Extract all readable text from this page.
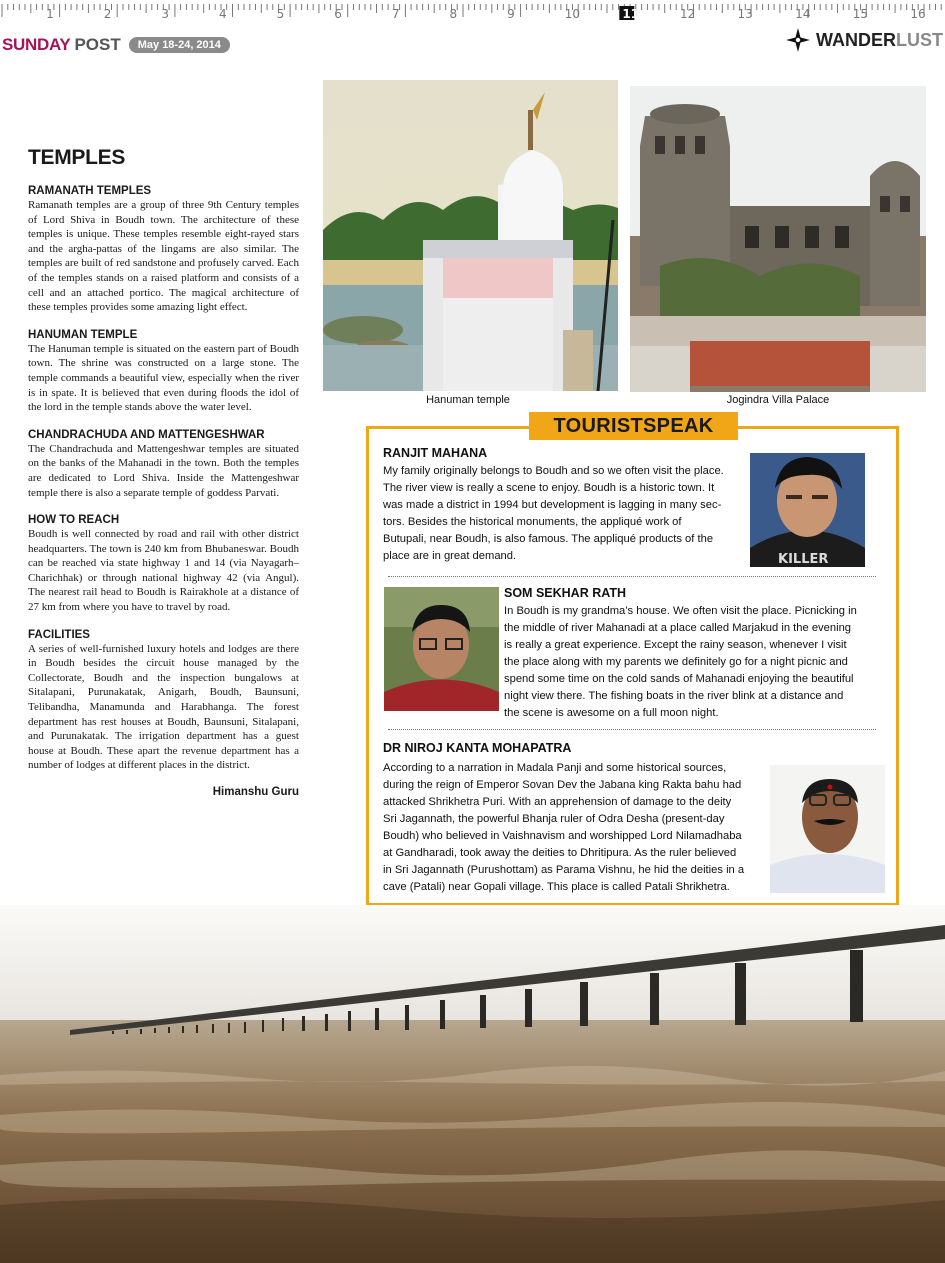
1	2	3	4	5	6	7	8	9	10	11	12	13	14	15	16
SUNDAY POST	May 18-24, 2014	WANDERLUST
TEMPLES
RAMANATH TEMPLES

Ramanath temples are a group of three 9th Century temples of Lord Shiva in Boudh town. The architecture of these temples is unique. These temples resemble eight-rayed stars and the argha-pattas of the lingams are also similar. The temples are built of red sandstone and profusely carved. Each of the temples stands on a raised platform and consists of a cell and an attached portico. The magical architecture of these temples provides some amazing light effect.

HANUMAN TEMPLE

The Hanuman temple is situated on the eastern part of Boudh town. The shrine was constructed on a large stone. The temple commands a beautiful view, especially when the river is in spate. It is believed that even during floods the idol of the lord in the temple stands above the water level.

CHANDRACHUDA AND MATTENGESHWAR

The Chandrachuda and Mattengeshwar temples are situated on the banks of the Mahanadi in the town. Both the temples are dedicated to Lord Shiva. Inside the Mattengeshwar temple there is also a separate temple of goddess Parvati.

HOW TO REACH

Boudh is well connected by road and rail with other district headquarters. The town is 240 km from Bhubaneswar. Boudh can be reached via state highway 1 and 14 (via Nayagarh–Charichhak) or through national highway 42 (via Angul). The nearest rail head to Boudh is Rairakhole at a distance of 27 km from where you have to travel by road.

FACILITIES

A series of well-furnished luxury hotels and lodges are there in Boudh besides the circuit house managed by the Collectorate, Boudh and the inspection bungalows at Sitalapani, Purunakatak, Anigarh, Boudh, Baunsuni, Telibandha, Manamunda and Harabhanga. The forest department has rest houses at Boudh, Baunsuni, Sitalapani, and Purunakatak. The irrigation department has a guest house at Boudh. These apart the revenue department has a number of lodges at different places in the district.

Himanshu Guru
Hanuman temple	Jogindra Villa Palace
TOURISTSPEAK
RANJIT MAHANA
My family originally belongs to Boudh and so we often visit the place.
The river view is really a scene to enjoy. Boudh is a historic town. It
was made a district in 1994 but development is lagging in many sec-
tors. Besides the historical monuments, the appliqué work of
Butupali, near Boudh, is also famous. The appliqué products of the
place are in great demand.	KILLER
SOM SEKHAR RATH
In Boudh is my grandma’s house. We often visit the place. Picnicking in
the middle of river Mahanadi at a place called Marjakud in the evening
is really a great experience. Except the rainy season, whenever I visit
the place along with my parents we definitely go for a night picnic and
spend some time on the cold sands of Mahanadi enjoying the beautiful
night view there. The fishing boats in the river blink at a distance and
the scene is awesome on a full moon night.
DR NIROJ KANTA MOHAPATRA
According to a narration in Madala Panji and some historical sources,
during the reign of Emperor Sovan Dev the Jabana king Rakta bahu had
attacked Shrikhetra Puri. With an apprehension of damage to the deity
Sri Jagannath, the powerful Bhanja ruler of Odra Desha (present-day
Boudh) who believed in Vaishnavism and worshipped Lord Nilamadhaba
at Gandharadi, took away the deities to Dhritipura. As the ruler believed
in Sri Jagannath (Purushottam) as Parama Vishnu, he hid the deities in a
cave (Patali) near Gopali village. This place is called Patali Shrikhetra.
